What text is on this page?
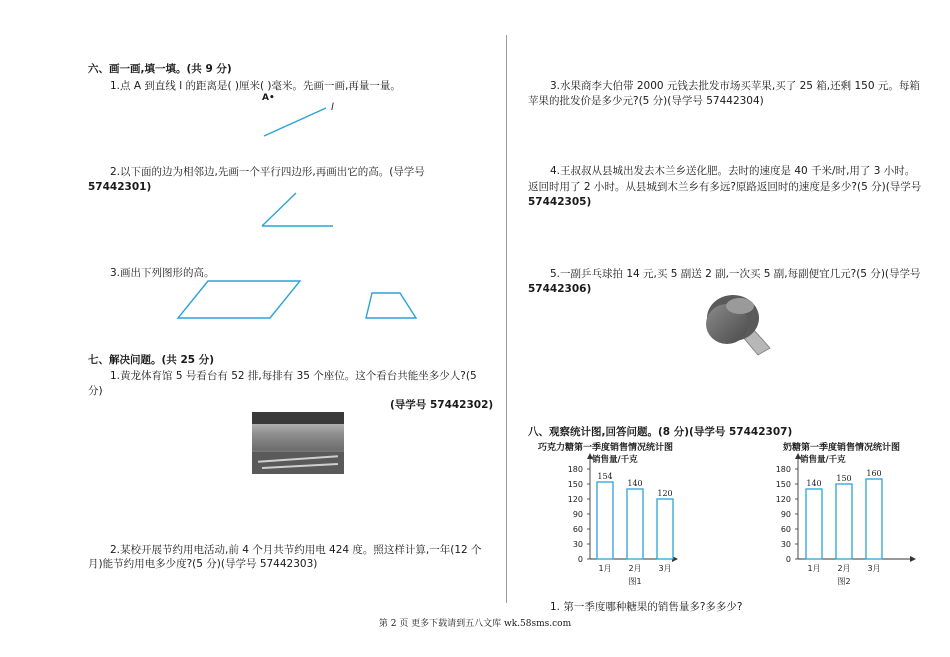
六、画一画,填一填。(共 9 分)
1.点 A 到直线 l 的距离是( )厘米( )毫米。先画一画,再量一量。
A•
l
2.以下面的边为相邻边,先画一个平行四边形,再画出它的高。(导学号
57442301)
3.画出下列图形的高。
七、解决问题。(共 25 分)
1.黄龙体育馆 5 号看台有 52 排,每排有 35 个座位。这个看台共能坐多少人?(5
分)
(导学号 57442302)
2.某校开展节约用电活动,前 4 个月共节约用电 424 度。照这样计算,一年(12 个
月)能节约用电多少度?(5 分)(导学号 57442303)
3.水果商李大伯带 2000 元钱去批发市场买苹果,买了 25 箱,还剩 150 元。每箱
苹果的批发价是多少元?(5 分)(导学号 57442304)
4.王叔叔从县城出发去木兰乡送化肥。去时的速度是 40 千米/时,用了 3 小时。
返回时用了 2 小时。从县城到木兰乡有多远?原路返回时的速度是多少?(5 分)(导学号
57442305)
5.一副乒乓球拍 14 元,买 5 副送 2 副,一次买 5 副,每副便宜几元?(5 分)(导学号
57442306)
八、观察统计图,回答问题。(8 分)(导学号 57442307)
巧克力糖第一季度销售情况统计图	奶糖第一季度销售情况统计图
销售量/千克
0
30
60
90
120
150
180
154
1月
140
2月
120
3月
图1
销售量/千克
0
30
60
90
120
150
180
140
1月
150
2月
160
3月
图2
1. 第一季度哪种糖果的销售量多?多多少?
第 2 页 更多下载请到五八文库 wk.58sms.com
